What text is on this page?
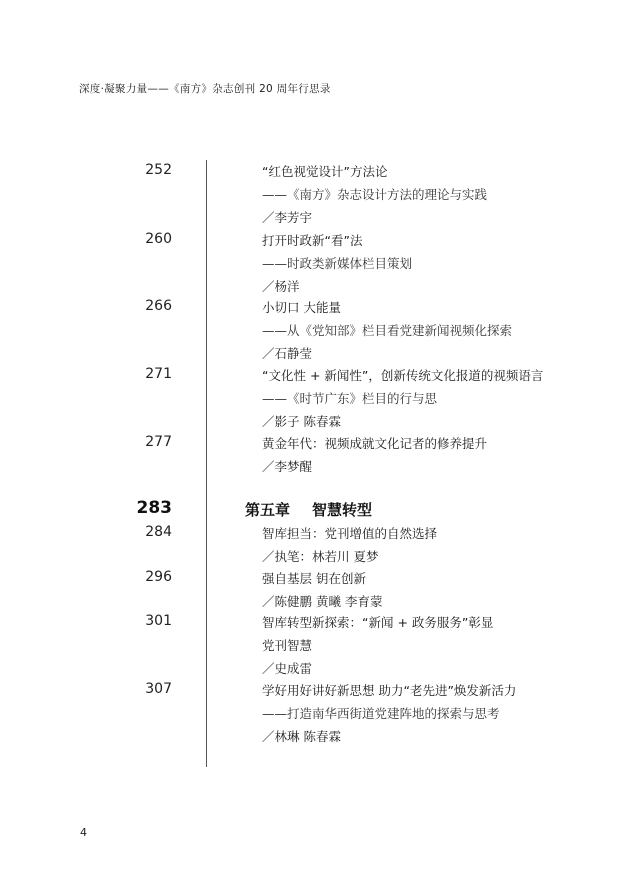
深度·凝聚力量——《南方》杂志创刊 20 周年行思录
252	“红色视觉设计”方法论
——《南方》杂志设计方法的理论与实践
／李芳宇
260	打开时政新“看”法
——时政类新媒体栏目策划
／杨洋
266	小切口 大能量
——从《党知部》栏目看党建新闻视频化探索
／石静莹
271	“文化性 + 新闻性”，创新传统文化报道的视频语言
——《时节广东》栏目的行与思
／影子 陈春霖
277	黄金年代：视频成就文化记者的修养提升
／李梦醒
283	第五章 智慧转型
284	智库担当：党刊增值的自然选择
／执笔：林若川 夏梦
296	强自基层 钥在创新
／陈健鹏 黄曦 李育蒙
301	智库转型新探索：“新闻 + 政务服务”彰显
党刊智慧
／史成雷
307	学好用好讲好新思想 助力“老先进”焕发新活力
——打造南华西街道党建阵地的探索与思考
／林琳 陈春霖
4
